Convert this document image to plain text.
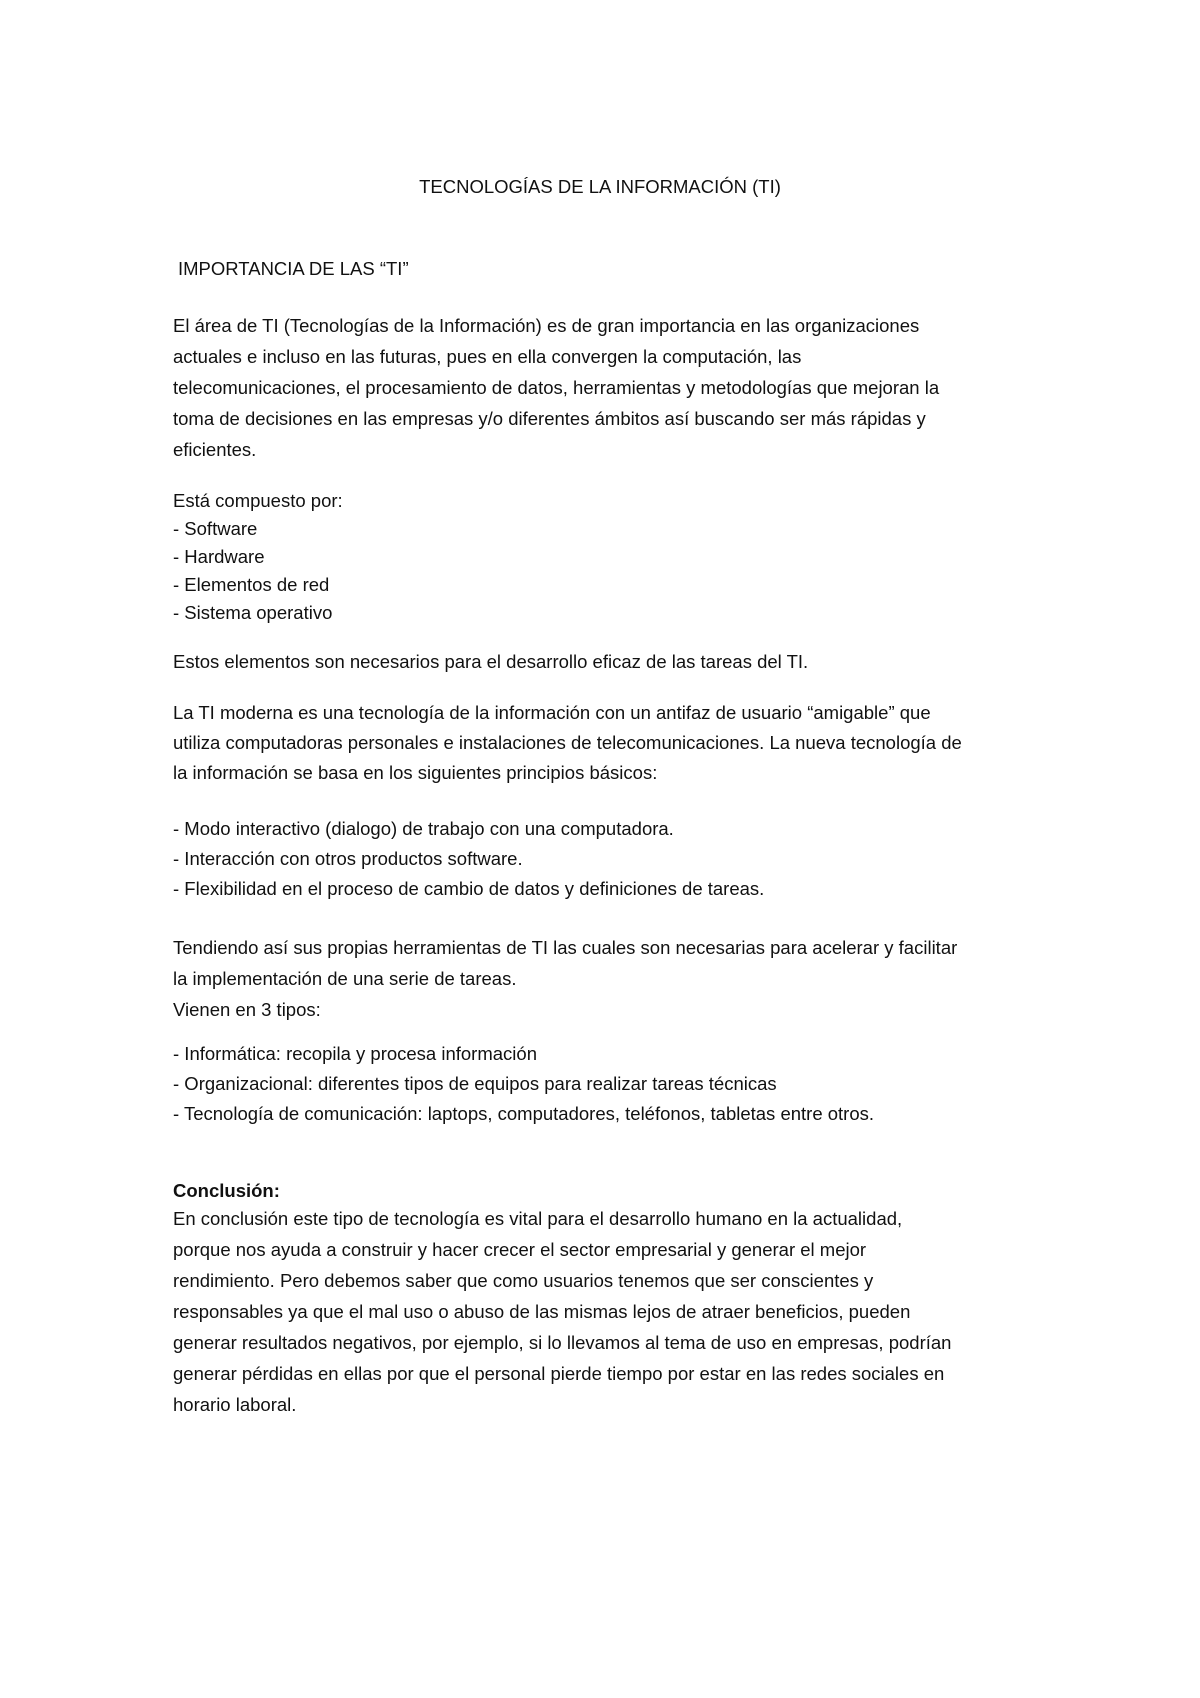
TECNOLOGÍAS DE LA INFORMACIÓN (TI)

IMPORTANCIA DE LAS “TI”

El área de TI (Tecnologías de la Información) es de gran importancia en las organizaciones
actuales e incluso en las futuras, pues en ella convergen la computación, las
telecomunicaciones, el procesamiento de datos, herramientas y metodologías que mejoran la
toma de decisiones en las empresas y/o diferentes ámbitos así buscando ser más rápidas y
eficientes.

Está compuesto por:
- Software
- Hardware
- Elementos de red
- Sistema operativo

Estos elementos son necesarios para el desarrollo eficaz de las tareas del TI.

La TI moderna es una tecnología de la información con un antifaz de usuario “amigable” que
utiliza computadoras personales e instalaciones de telecomunicaciones. La nueva tecnología de
la información se basa en los siguientes principios básicos:

- Modo interactivo (dialogo) de trabajo con una computadora.
- Interacción con otros productos software.
- Flexibilidad en el proceso de cambio de datos y definiciones de tareas.

Tendiendo así sus propias herramientas de TI las cuales son necesarias para acelerar y facilitar
la implementación de una serie de tareas.
Vienen en 3 tipos:

- Informática: recopila y procesa información
- Organizacional: diferentes tipos de equipos para realizar tareas técnicas
- Tecnología de comunicación: laptops, computadores, teléfonos, tabletas entre otros.

Conclusión:

En conclusión este tipo de tecnología es vital para el desarrollo humano en la actualidad,
porque nos ayuda a construir y hacer crecer el sector empresarial y generar el mejor
rendimiento. Pero debemos saber que como usuarios tenemos que ser conscientes y
responsables ya que el mal uso o abuso de las mismas lejos de atraer beneficios, pueden
generar resultados negativos, por ejemplo, si lo llevamos al tema de uso en empresas, podrían
generar pérdidas en ellas por que el personal pierde tiempo por estar en las redes sociales en
horario laboral.
